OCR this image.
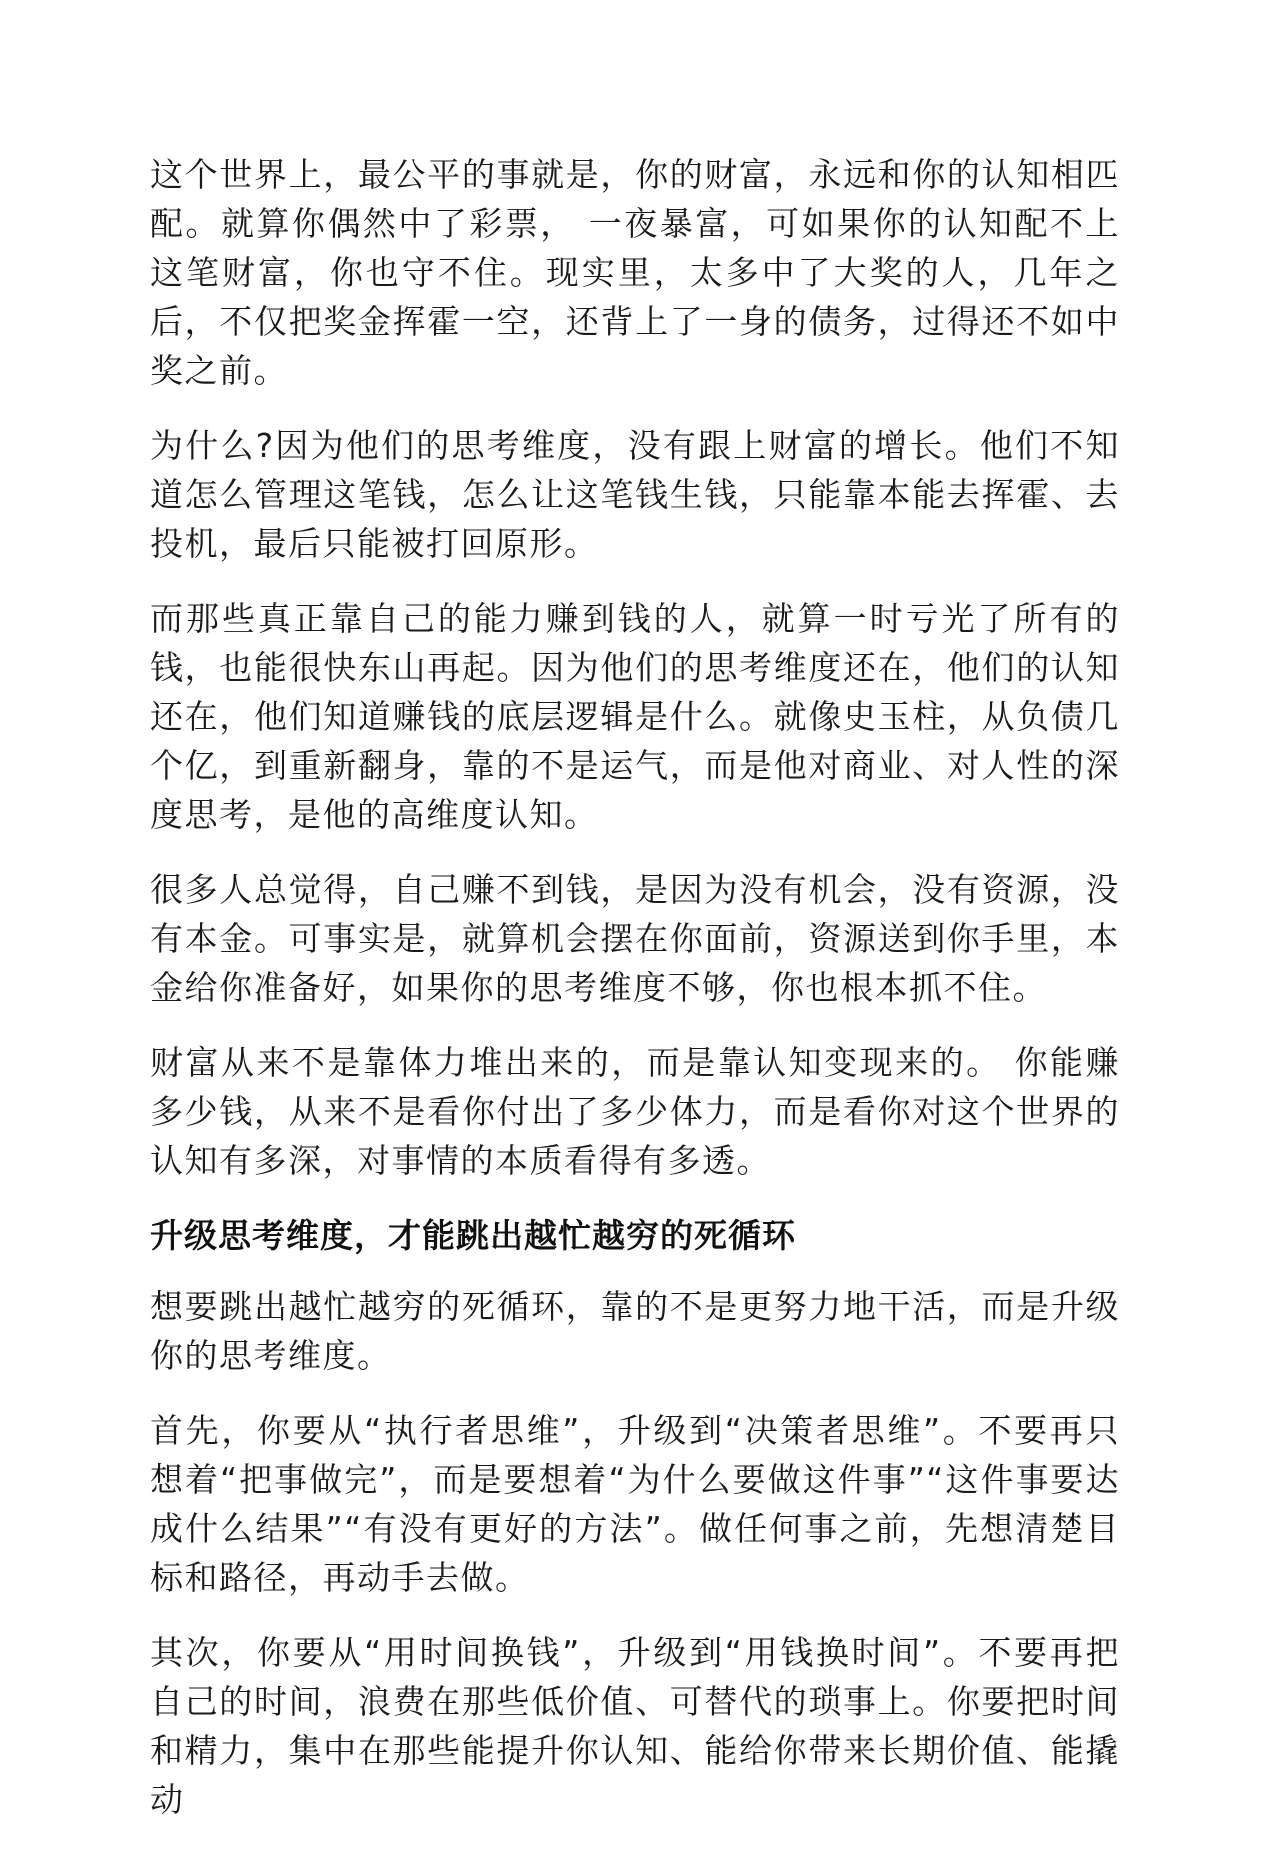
这个世界上，最公平的事就是，你的财富，永远和你的认知相匹配。就算你偶然中了彩票， 一夜暴富，可如果你的认知配不上这笔财富，你也守不住。现实里，太多中了大奖的人，几年之后，不仅把奖金挥霍一空，还背上了一身的债务，过得还不如中奖之前。

为什么?因为他们的思考维度，没有跟上财富的增长。他们不知道怎么管理这笔钱，怎么让这笔钱生钱，只能靠本能去挥霍、去投机，最后只能被打回原形。

而那些真正靠自己的能力赚到钱的人，就算一时亏光了所有的钱，也能很快东山再起。因为他们的思考维度还在，他们的认知还在，他们知道赚钱的底层逻辑是什么。就像史玉柱，从负债几个亿，到重新翻身，靠的不是运气，而是他对商业、对人性的深度思考，是他的高维度认知。

很多人总觉得，自己赚不到钱，是因为没有机会，没有资源，没有本金。可事实是，就算机会摆在你面前，资源送到你手里，本金给你准备好，如果你的思考维度不够，你也根本抓不住。

财富从来不是靠体力堆出来的，而是靠认知变现来的。 你能赚多少钱，从来不是看你付出了多少体力，而是看你对这个世界的认知有多深，对事情的本质看得有多透。

升级思考维度，才能跳出越忙越穷的死循环

想要跳出越忙越穷的死循环，靠的不是更努力地干活，而是升级你的思考维度。

首先，你要从“执行者思维”，升级到“决策者思维”。不要再只想着“把事做完”，而是要想着“为什么要做这件事”“这件事要达成什么结果”“有没有更好的方法”。做任何事之前，先想清楚目标和路径，再动手去做。

其次，你要从“用时间换钱”，升级到“用钱换时间”。不要再把自己的时间，浪费在那些低价值、可替代的琐事上。你要把时间和精力，集中在那些能提升你认知、能给你带来长期价值、能撬动
